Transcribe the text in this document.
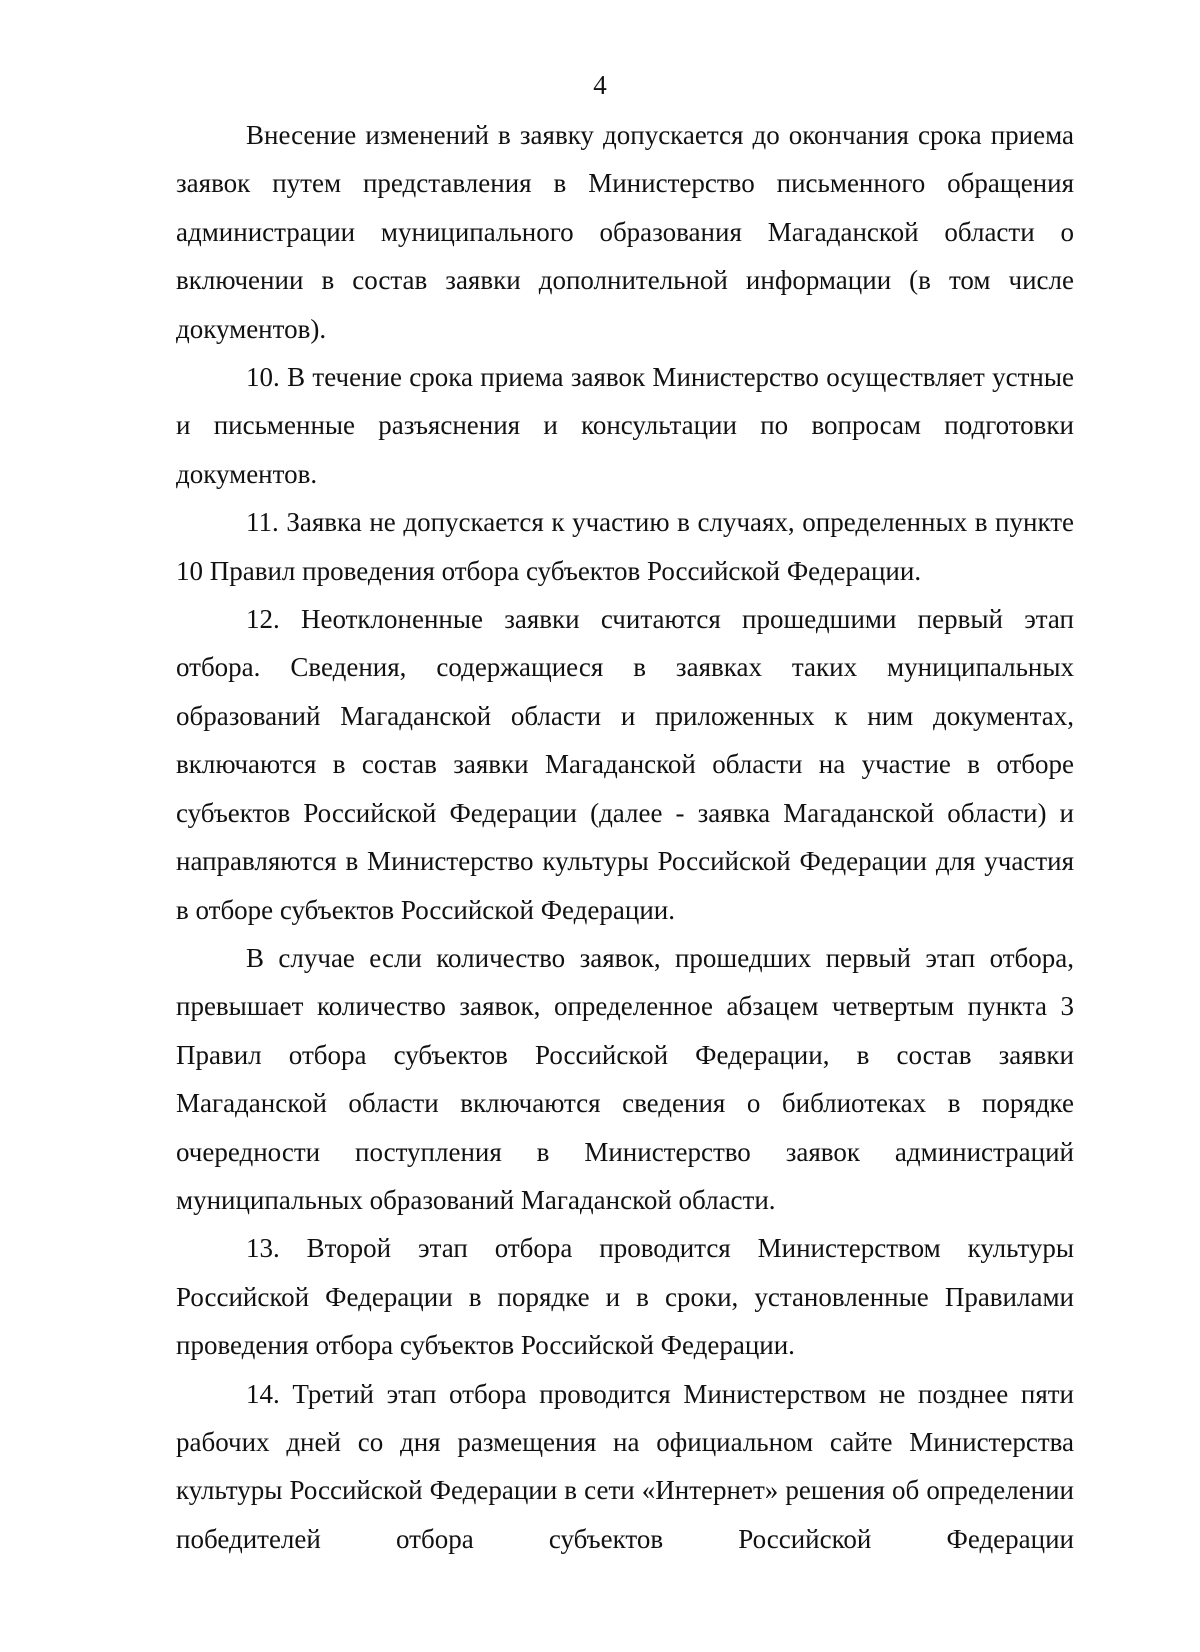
4

Внесение изменений в заявку допускается до окончания срока приема заявок путем представления в Министерство письменного обращения администрации муниципального образования Магаданской области о включении в состав заявки дополнительной информации (в том числе документов).

10. В течение срока приема заявок Министерство осуществляет устные и письменные разъяснения и консультации по вопросам подготовки документов.

11. Заявка не допускается к участию в случаях, определенных в пункте 10 Правил проведения отбора субъектов Российской Федерации.

12. Неотклоненные заявки считаются прошедшими первый этап отбора. Сведения, содержащиеся в заявках таких муниципальных образований Магаданской области и приложенных к ним документах, включаются в состав заявки Магаданской области на участие в отборе субъектов Российской Федерации (далее - заявка Магаданской области) и направляются в Министерство культуры Российской Федерации для участия в отборе субъектов Российской Федерации.

В случае если количество заявок, прошедших первый этап отбора, превышает количество заявок, определенное абзацем четвертым пункта 3 Правил отбора субъектов Российской Федерации, в состав заявки Магаданской области включаются сведения о библиотеках в порядке очередности поступления в Министерство заявок администраций муниципальных образований Магаданской области.

13. Второй этап отбора проводится Министерством культуры Российской Федерации в порядке и в сроки, установленные Правилами проведения отбора субъектов Российской Федерации.

14. Третий этап отбора проводится Министерством не позднее пяти рабочих дней со дня размещения на официальном сайте Министерства культуры Российской Федерации в сети «Интернет» решения об определении победителей отбора субъектов Российской Федерации
